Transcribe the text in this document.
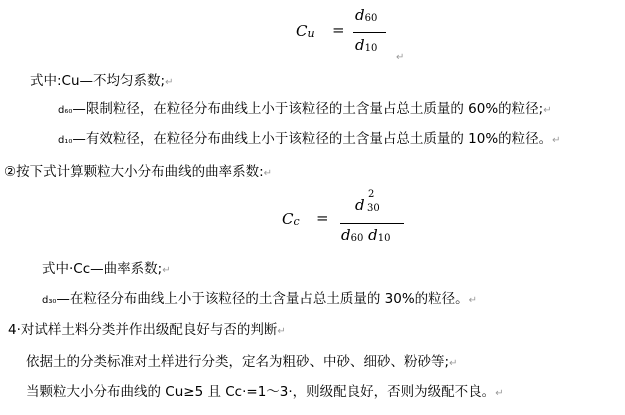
Cu =
d60
d10
↵
式中:Cu—不均匀系数;↵
d₆₀—限制粒径，在粒径分布曲线上小于该粒径的土含量占总土质量的 60%的粒径;↵
d₁₀—有效粒径，在粒径分布曲线上小于该粒径的土含量占总土质量的 10%的粒径。↵
②按下式计算颗粒大小分布曲线的曲率系数:↵
Cc =
d
2
30
d60 d10
式中·Cc—曲率系数;↵
d₃₀—在粒径分布曲线上小于该粒径的土含量占总土质量的 30%的粒径。↵
4·对试样土料分类并作出级配良好与否的判断↵
依据土的分类标准对土样进行分类，定名为粗砂、中砂、细砂、粉砂等;↵
当颗粒大小分布曲线的 Cu≥5 且 Cc·=1～3·，则级配良好，否则为级配不良。↵
